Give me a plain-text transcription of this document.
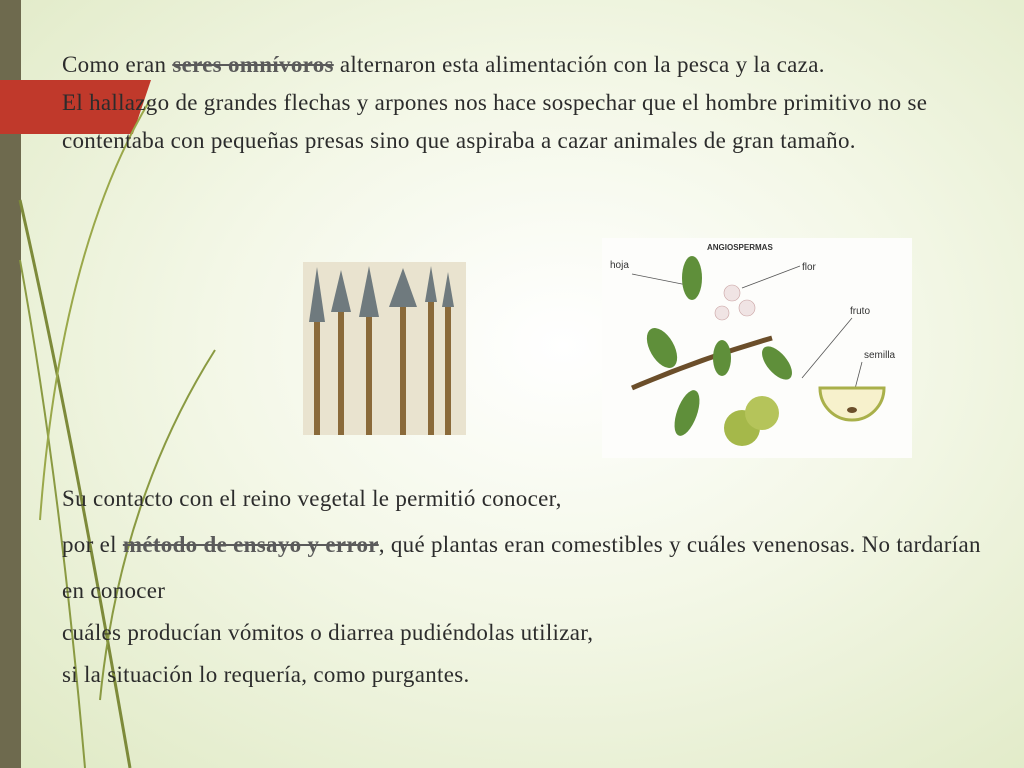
Como eran seres omnívoros alternaron esta alimentación con la pesca y la caza.
El hallazgo de grandes flechas y arpones nos hace sospechar que el hombre primitivo no se contentaba con pequeñas presas sino que aspiraba a cazar animales de gran tamaño.
ANGIOSPERMAS
hoja	flor
fruto
semilla

Su contacto con el reino vegetal le permitió conocer,

por el método de ensayo y error, qué plantas eran comestibles y cuáles venenosas. No tardarían en conocer

cuáles producían vómitos o diarrea pudiéndolas utilizar,

si la situación lo requería, como purgantes.
